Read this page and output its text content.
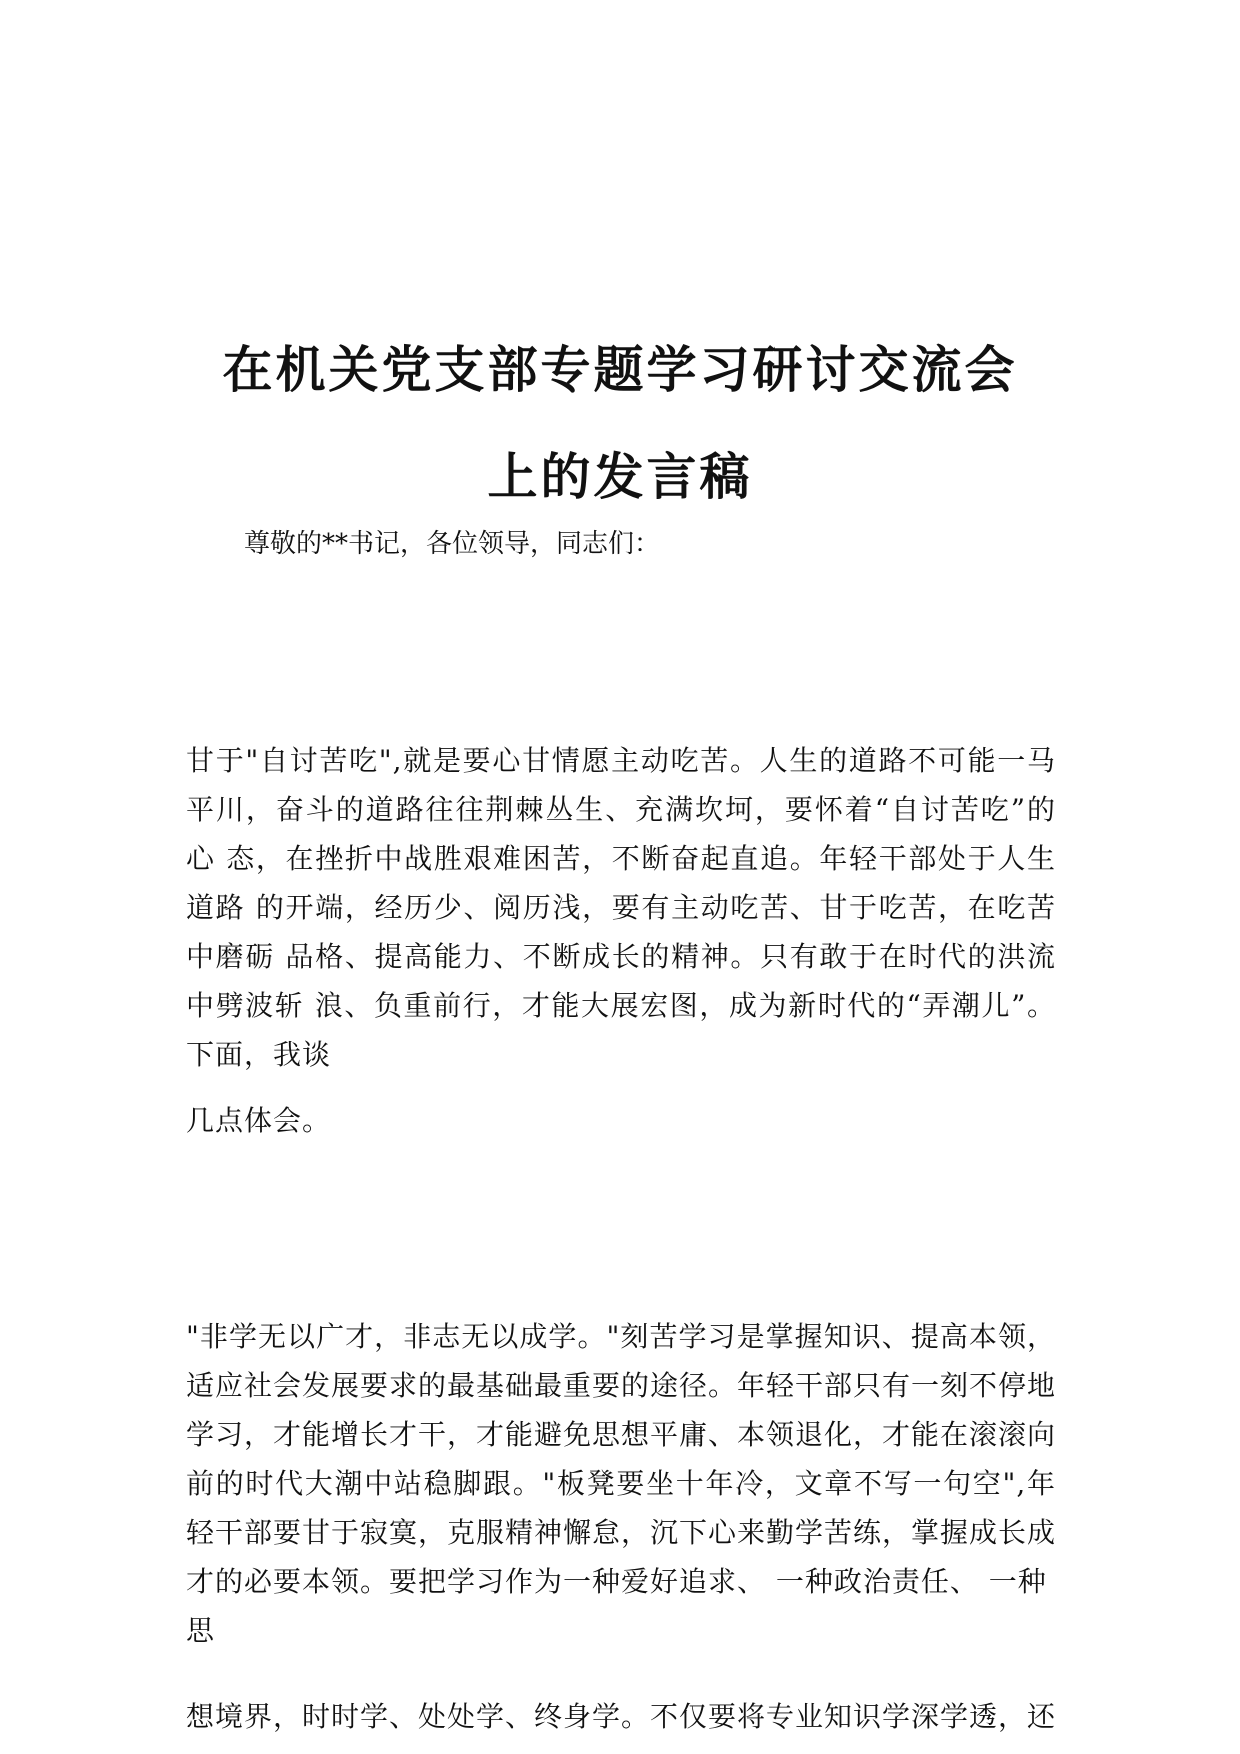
在机关党支部专题学习研讨交流会
上的发言稿
尊敬的**书记，各位领导，同志们：
甘于"自讨苦吃",就是要心甘情愿主动吃苦。人生的道路不可能一马
平川，奋斗的道路往往荆棘丛生、充满坎坷，要怀着“自讨苦吃”的
心 态，在挫折中战胜艰难困苦，不断奋起直追。年轻干部处于人生
道路 的开端，经历少、阅历浅，要有主动吃苦、甘于吃苦，在吃苦
中磨砺 品格、提高能力、不断成长的精神。只有敢于在时代的洪流
中劈波斩 浪、负重前行，才能大展宏图，成为新时代的“弄潮儿”。
下面，我谈
几点体会。
"非学无以广才，非志无以成学。"刻苦学习是掌握知识、提高本领，
适应社会发展要求的最基础最重要的途径。年轻干部只有一刻不停地
学习，才能增长才干，才能避免思想平庸、本领退化，才能在滚滚向
前的时代大潮中站稳脚跟。"板凳要坐十年冷，文章不写一句空",年
轻干部要甘于寂寞，克服精神懈怠，沉下心来勤学苦练，掌握成长成
才的必要本领。要把学习作为一种爱好追求、 一种政治责任、 一种
思
想境界，时时学、处处学、终身学。不仅要将专业知识学深学透，还
